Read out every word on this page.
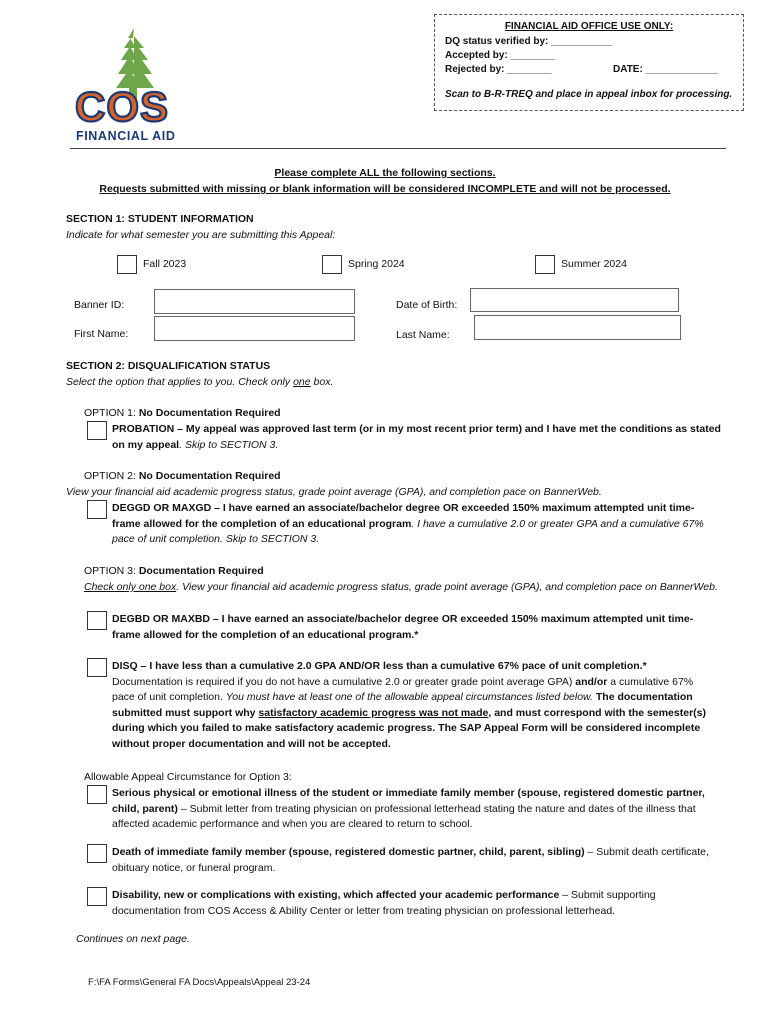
COS
FINANCIAL AID
FINANCIAL AID OFFICE USE ONLY:
DQ status verified by: ___________
Accepted by: ________
Rejected by: ________	DATE: _____________
Scan to B-R-TREQ and place in appeal inbox for processing.
Please complete ALL the following sections.
Requests submitted with missing or blank information will be considered INCOMPLETE and will not be processed.
SECTION 1: STUDENT INFORMATION
Indicate for what semester you are submitting this Appeal:
Fall 2023	Spring 2024	Summer 2024
Banner ID:	Date of Birth:
First Name:	Last Name:
SECTION 2: DISQUALIFICATION STATUS
Select the option that applies to you. Check only one box.
OPTION 1: No Documentation Required
PROBATION – My appeal was approved last term (or in my most recent prior term) and I have met the conditions as stated on my appeal. Skip to SECTION 3.
OPTION 2: No Documentation Required
View your financial aid academic progress status, grade point average (GPA), and completion pace on BannerWeb.
DEGGD OR MAXGD – I have earned an associate/bachelor degree OR exceeded 150% maximum attempted unit time-frame allowed for the completion of an educational program. I have a cumulative 2.0 or greater GPA and a cumulative 67% pace of unit completion. Skip to SECTION 3.
OPTION 3: Documentation Required
Check only one box. View your financial aid academic progress status, grade point average (GPA), and completion pace on BannerWeb.
DEGBD OR MAXBD – I have earned an associate/bachelor degree OR exceeded 150% maximum attempted unit time-frame allowed for the completion of an educational program.*
DISQ – I have less than a cumulative 2.0 GPA AND/OR less than a cumulative 67% pace of unit completion.*
Documentation is required if you do not have a cumulative 2.0 or greater grade point average GPA) and/or a cumulative 67% pace of unit completion. You must have at least one of the allowable appeal circumstances listed below. The documentation submitted must support why satisfactory academic progress was not made, and must correspond with the semester(s) during which you failed to make satisfactory academic progress. The SAP Appeal Form will be considered incomplete without proper documentation and will not be accepted.
Allowable Appeal Circumstance for Option 3:
Serious physical or emotional illness of the student or immediate family member (spouse, registered domestic partner, child, parent) – Submit letter from treating physician on professional letterhead stating the nature and dates of the illness that affected academic performance and when you are cleared to return to school.
Death of immediate family member (spouse, registered domestic partner, child, parent, sibling) – Submit death certificate, obituary notice, or funeral program.
Disability, new or complications with existing, which affected your academic performance – Submit supporting documentation from COS Access & Ability Center or letter from treating physician on professional letterhead.
Continues on next page.
F:\FA Forms\General FA Docs\Appeals\Appeal 23-24
